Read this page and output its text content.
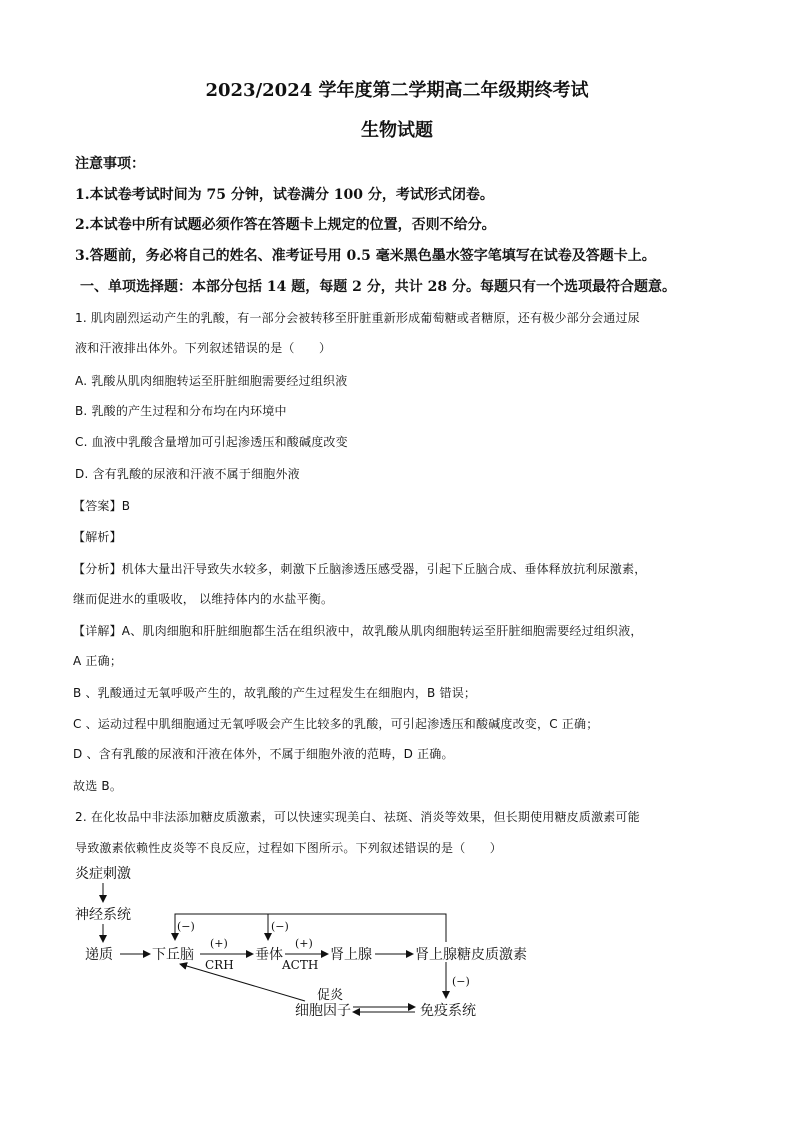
2023/2024 学年度第二学期高二年级期终考试
生物试题
注意事项：
1.本试卷考试时间为 75 分钟，试卷满分 100 分，考试形式闭卷。
2.本试卷中所有试题必须作答在答题卡上规定的位置，否则不给分。
3.答题前，务必将自己的姓名、准考证号用 0.5 毫米黑色墨水签字笔填写在试卷及答题卡上。
一、单项选择题：本部分包括 14 题，每题 2 分，共计 28 分。每题只有一个选项最符合题意。
1. 肌肉剧烈运动产生的乳酸，有一部分会被转移至肝脏重新形成葡萄糖或者糖原，还有极少部分会通过尿
液和汗液排出体外。下列叙述错误的是（　　）
A. 乳酸从肌肉细胞转运至肝脏细胞需要经过组织液
B. 乳酸的产生过程和分布均在内环境中
C. 血液中乳酸含量增加可引起渗透压和酸碱度改变
D. 含有乳酸的尿液和汗液不属于细胞外液
【答案】B
【解析】
【分析】机体大量出汗导致失水较多，刺激下丘脑渗透压感受器，引起下丘脑合成、垂体释放抗利尿激素，
继而促进水的重吸收， 以维持体内的水盐平衡。
【详解】A、肌肉细胞和肝脏细胞都生活在组织液中，故乳酸从肌肉细胞转运至肝脏细胞需要经过组织液，
A 正确；
B 、乳酸通过无氧呼吸产生的，故乳酸的产生过程发生在细胞内，B 错误；
C 、运动过程中肌细胞通过无氧呼吸会产生比较多的乳酸，可引起渗透压和酸碱度改变，C 正确；
D 、含有乳酸的尿液和汗液在体外，不属于细胞外液的范畴，D 正确。
故选 B。
2. 在化妆品中非法添加糖皮质激素，可以快速实现美白、祛斑、消炎等效果，但长期使用糖皮质激素可能
导致激素依赖性皮炎等不良反应，过程如下图所示。下列叙述错误的是（　　）
炎症刺激
神经系统
递质	下丘脑	垂体	肾上腺	肾上腺糖皮质激素
促炎
细胞因子	免疫系统
(+)
CRH
(+)
ACTH
(−)	(−)
(−)
